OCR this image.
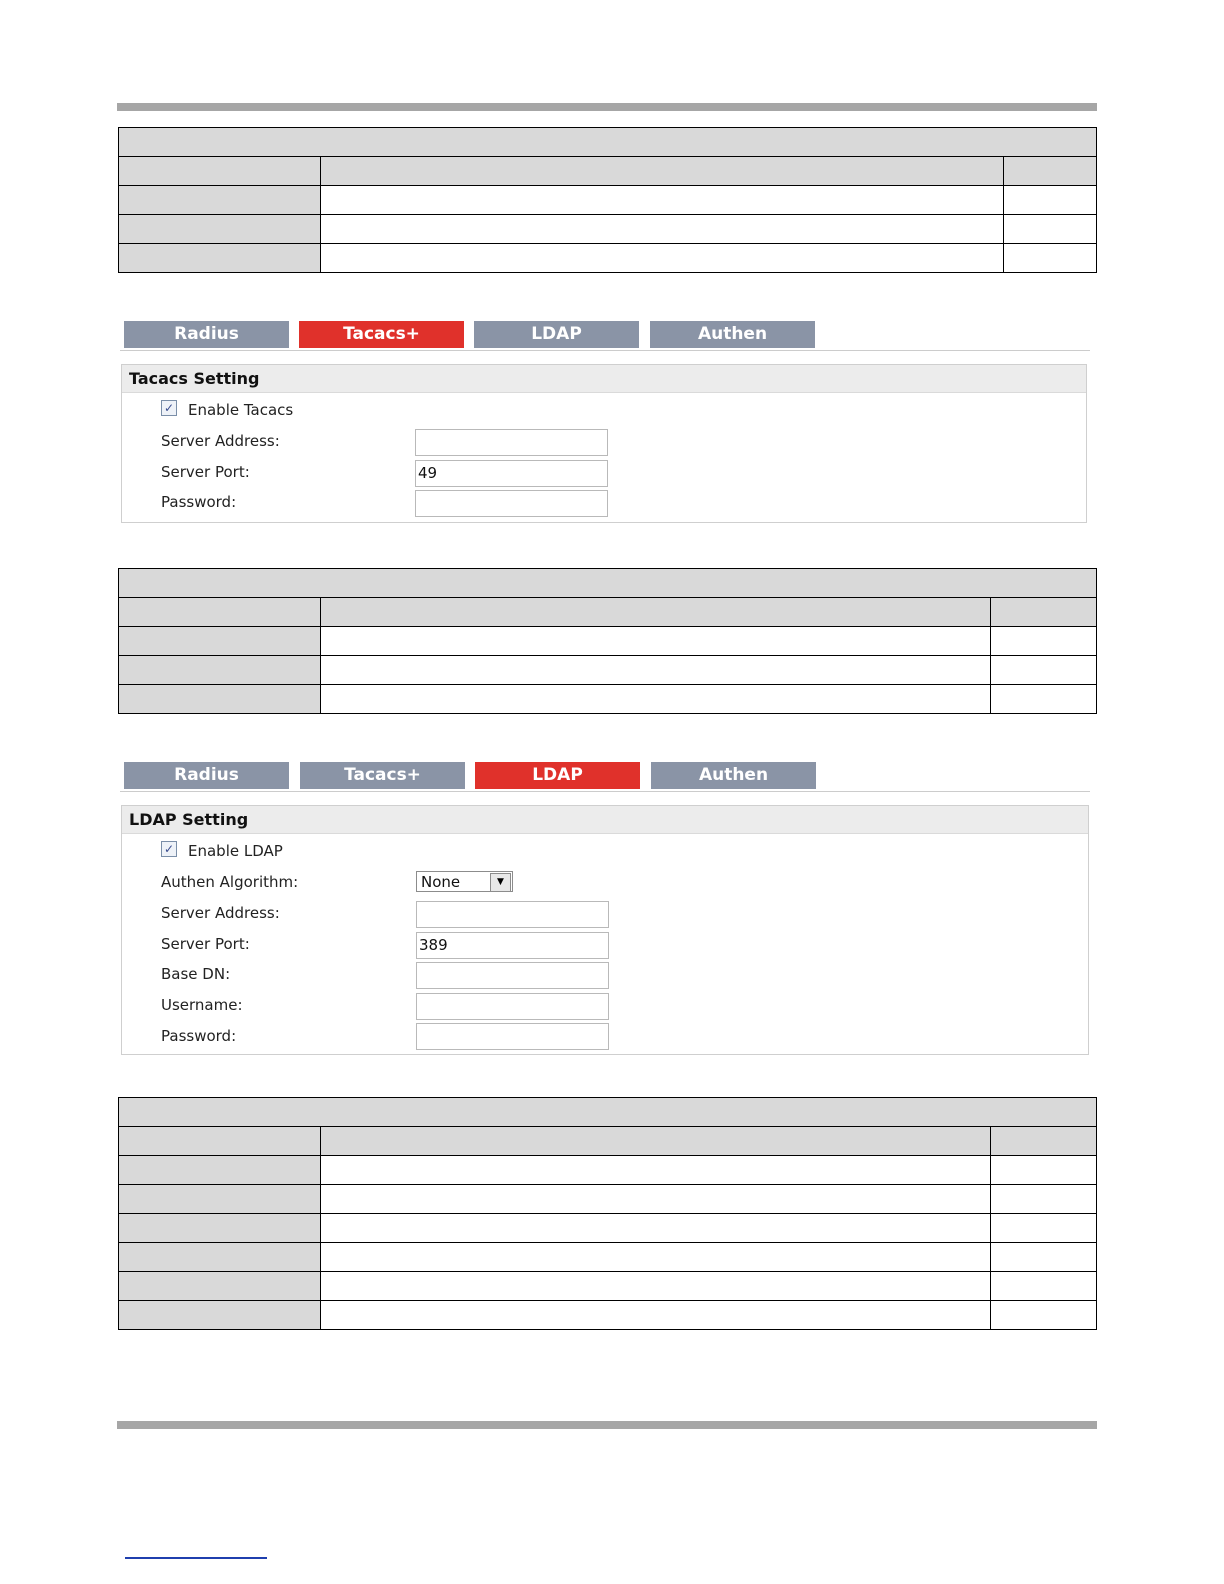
Radius	Tacacs+	LDAP	Authen
Tacacs Setting
✓ Enable Tacacs
Server Address:
Server Port:	49
Password:

Radius	Tacacs+	LDAP	Authen
LDAP Setting
✓ Enable LDAP
Authen Algorithm:	None	▼
Server Address:
Server Port:	389
Base DN:
Username:
Password:
